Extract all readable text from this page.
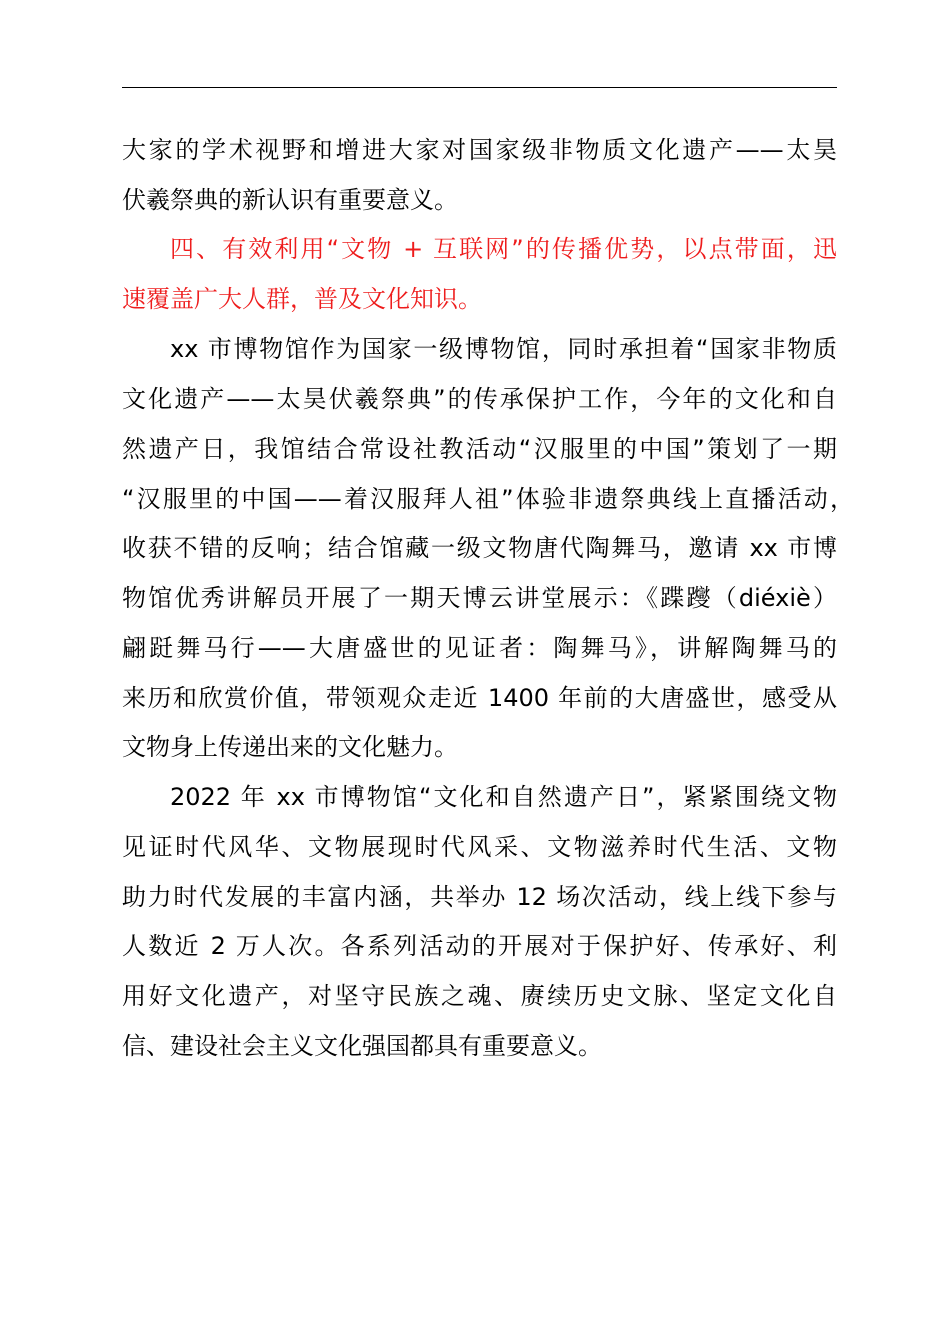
大家的学术视野和增进大家对国家级非物质文化遗产——太昊
伏羲祭典的新认识有重要意义。
四、有效利用“文物 + 互联网”的传播优势，以点带面，迅
速覆盖广大人群，普及文化知识。
xx 市博物馆作为国家一级博物馆，同时承担着“国家非物质
文化遗产——太昊伏羲祭典”的传承保护工作，今年的文化和自
然遗产日，我馆结合常设社教活动“汉服里的中国”策划了一期
“汉服里的中国——着汉服拜人祖”体验非遗祭典线上直播活动，
收获不错的反响；结合馆藏一级文物唐代陶舞马，邀请 xx 市博
物馆优秀讲解员开展了一期天博云讲堂展示：《蹀躞（diéxiè）
翩跹舞马行——大唐盛世的见证者：陶舞马》，讲解陶舞马的
来历和欣赏价值，带领观众走近 1400 年前的大唐盛世，感受从
文物身上传递出来的文化魅力。
2022 年 xx 市博物馆“文化和自然遗产日”，紧紧围绕文物
见证时代风华、文物展现时代风采、文物滋养时代生活、文物
助力时代发展的丰富内涵，共举办 12 场次活动，线上线下参与
人数近 2 万人次。各系列活动的开展对于保护好、传承好、利
用好文化遗产，对坚守民族之魂、赓续历史文脉、坚定文化自
信、建设社会主义文化强国都具有重要意义。
